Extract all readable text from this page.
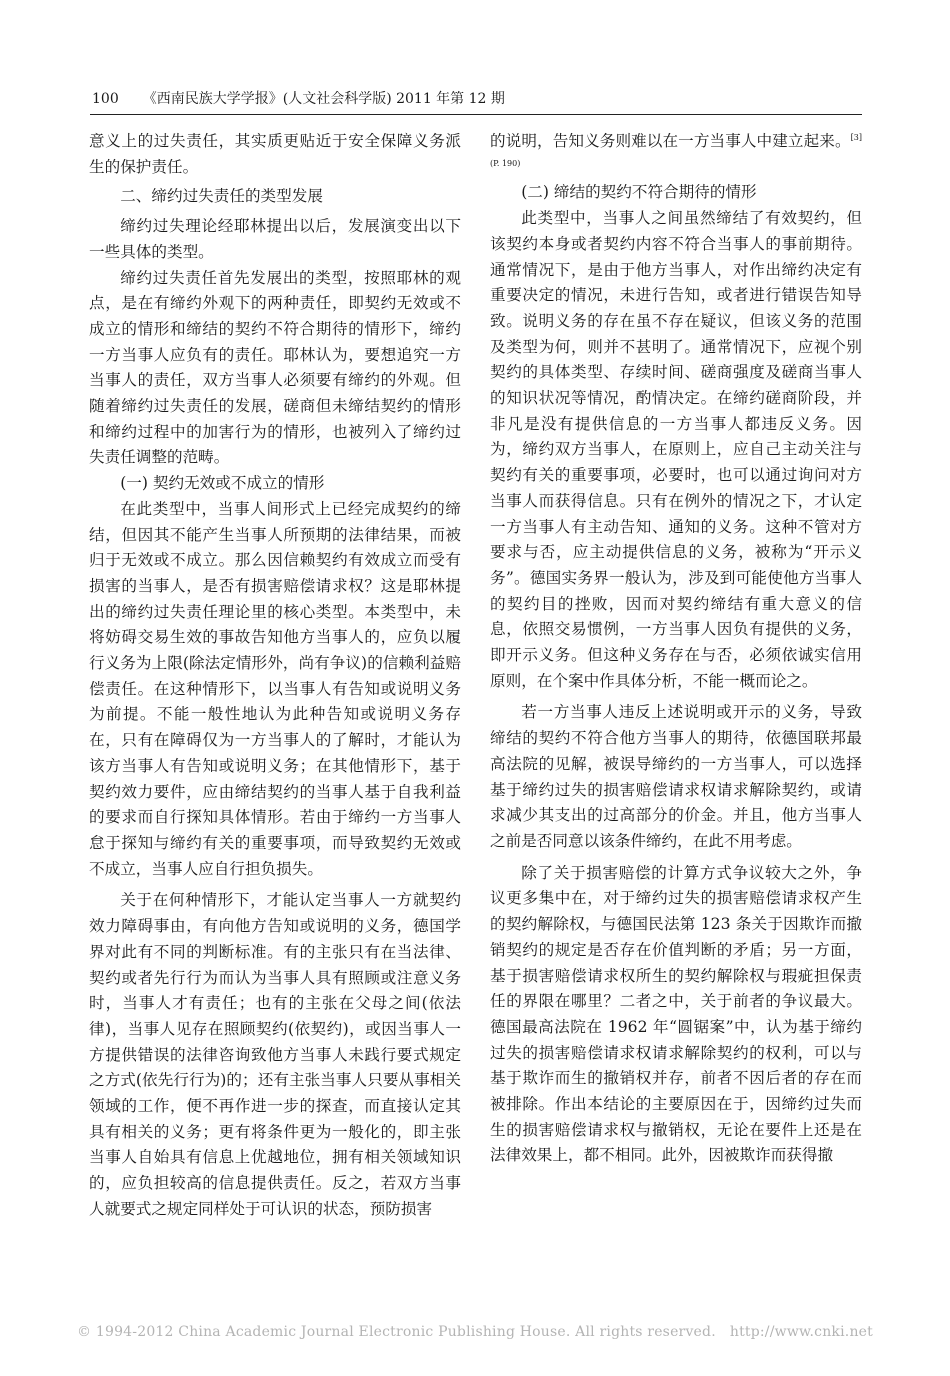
100 《西南民族大学学报》(人文社会科学版) 2011 年第 12 期

意义上的过失责任，其实质更贴近于安全保障义务派生的保护责任。

二、缔约过失责任的类型发展

缔约过失理论经耶林提出以后，发展演变出以下一些具体的类型。

缔约过失责任首先发展出的类型，按照耶林的观点，是在有缔约外观下的两种责任，即契约无效或不成立的情形和缔结的契约不符合期待的情形下，缔约一方当事人应负有的责任。耶林认为，要想追究一方当事人的责任，双方当事人必须要有缔约的外观。但随着缔约过失责任的发展，磋商但未缔结契约的情形和缔约过程中的加害行为的情形，也被列入了缔约过失责任调整的范畴。

(一) 契约无效或不成立的情形

在此类型中，当事人间形式上已经完成契约的缔结，但因其不能产生当事人所预期的法律结果，而被归于无效或不成立。那么因信赖契约有效成立而受有损害的当事人，是否有损害赔偿请求权？这是耶林提出的缔约过失责任理论里的核心类型。本类型中，未将妨碍交易生效的事故告知他方当事人的，应负以履行义务为上限(除法定情形外，尚有争议)的信赖利益赔偿责任。在这种情形下，以当事人有告知或说明义务为前提。不能一般性地认为此种告知或说明义务存在，只有在障碍仅为一方当事人的了解时，才能认为该方当事人有告知或说明义务；在其他情形下，基于契约效力要件，应由缔结契约的当事人基于自我利益的要求而自行探知具体情形。若由于缔约一方当事人怠于探知与缔约有关的重要事项，而导致契约无效或不成立，当事人应自行担负损失。

关于在何种情形下，才能认定当事人一方就契约效力障碍事由，有向他方告知或说明的义务，德国学界对此有不同的判断标准。有的主张只有在当法律、契约或者先行行为而认为当事人具有照顾或注意义务时，当事人才有责任；也有的主张在父母之间(依法律)，当事人见存在照顾契约(依契约)，或因当事人一方提供错误的法律咨询致他方当事人未践行要式规定之方式(依先行行为)的；还有主张当事人只要从事相关领域的工作，便不再作进一步的探查，而直接认定其具有相关的义务；更有将条件更为一般化的，即主张当事人自始具有信息上优越地位，拥有相关领域知识的，应负担较高的信息提供责任。反之，若双方当事人就要式之规定同样处于可认识的状态，预防损害

的说明，告知义务则难以在一方当事人中建立起来。$^{[3] (P. 190)}$

(二) 缔结的契约不符合期待的情形

此类型中，当事人之间虽然缔结了有效契约，但该契约本身或者契约内容不符合当事人的事前期待。通常情况下，是由于他方当事人，对作出缔约决定有重要决定的情况，未进行告知，或者进行错误告知导致。说明义务的存在虽不存在疑议，但该义务的范围及类型为何，则并不甚明了。通常情况下，应视个别契约的具体类型、存续时间、磋商强度及磋商当事人的知识状况等情况，酌情决定。在缔约磋商阶段，并非凡是没有提供信息的一方当事人都违反义务。因为，缔约双方当事人，在原则上，应自己主动关注与契约有关的重要事项，必要时，也可以通过询问对方当事人而获得信息。只有在例外的情况之下，才认定一方当事人有主动告知、通知的义务。这种不管对方要求与否，应主动提供信息的义务，被称为“开示义务”。德国实务界一般认为，涉及到可能使他方当事人的契约目的挫败，因而对契约缔结有重大意义的信息，依照交易惯例，一方当事人因负有提供的义务，即开示义务。但这种义务存在与否，必须依诚实信用原则，在个案中作具体分析，不能一概而论之。

若一方当事人违反上述说明或开示的义务，导致缔结的契约不符合他方当事人的期待，依德国联邦最高法院的见解，被误导缔约的一方当事人，可以选择基于缔约过失的损害赔偿请求权请求解除契约，或请求减少其支出的过高部分的价金。并且，他方当事人之前是否同意以该条件缔约，在此不用考虑。

除了关于损害赔偿的计算方式争议较大之外，争议更多集中在，对于缔约过失的损害赔偿请求权产生的契约解除权，与德国民法第 123 条关于因欺诈而撤销契约的规定是否存在价值判断的矛盾；另一方面，基于损害赔偿请求权所生的契约解除权与瑕疵担保责任的界限在哪里？二者之中，关于前者的争议最大。德国最高法院在 1962 年“圆锯案”中，认为基于缔约过失的损害赔偿请求权请求解除契约的权利，可以与基于欺诈而生的撤销权并存，前者不因后者的存在而被排除。作出本结论的主要原因在于，因缔约过失而生的损害赔偿请求权与撤销权，无论在要件上还是在法律效果上，都不相同。此外，因被欺诈而获得撤

© 1994-2012 China Academic Journal Electronic Publishing House. All rights reserved. http://www.cnki.net
